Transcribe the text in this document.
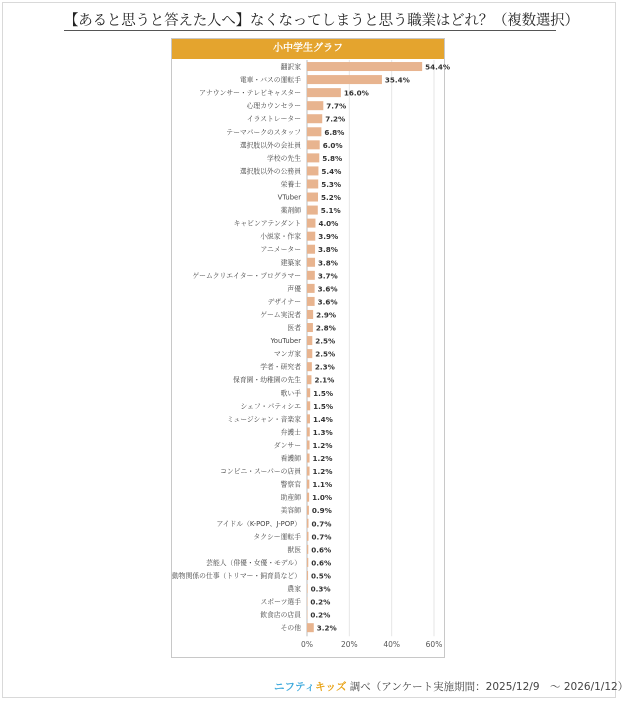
【あると思うと答えた人へ】なくなってしまうと思う職業はどれ？（複数選択）
0%	20%	40%	60%
翻訳家	54.4%
電車・バスの運転手	35.4%
アナウンサー・テレビキャスター	16.0%
心理カウンセラー	7.7%
イラストレーター	7.2%
テーマパークのスタッフ	6.8%
選択肢以外の会社員	6.0%
学校の先生	5.8%
選択肢以外の公務員	5.4%
栄養士	5.3%
VTuber	5.2%
薬剤師	5.1%
キャビンアテンダント 4.0%
小説家・作家 3.9%
アニメーター 3.8%
建築家 3.8%
ゲームクリエイター・プログラマー 3.7%
声優 3.6%
デザイナー 3.6%
ゲーム実況者 2.9%
医者 2.8%
YouTuber 2.5%
マンガ家 2.5%
学者・研究者 2.3%
保育園・幼稚園の先生 2.1%
歌い手 1.5%
シェフ・パティシエ 1.5%
ミュージシャン・音楽家 1.4%
弁護士 1.3%
ダンサー 1.2%
看護師 1.2%
コンビニ・スーパーの店員 1.2%
警察官 1.1%
助産師 1.0%
美容師 0.9%
アイドル（K-POP、J-POP） 0.7%
タクシー運転手 0.7%
獣医 0.6%
芸能人（俳優・女優・モデル） 0.6%
動物関係の仕事（トリマー・飼育員など） 0.5%
農家 0.3%
スポーツ選手 0.2%
飲食店の店員 0.2%
その他 3.2%
小中学生グラフ
ニフティキッズ 調べ（アンケート実施期間：2025/12/9　～ 2026/1/12）
